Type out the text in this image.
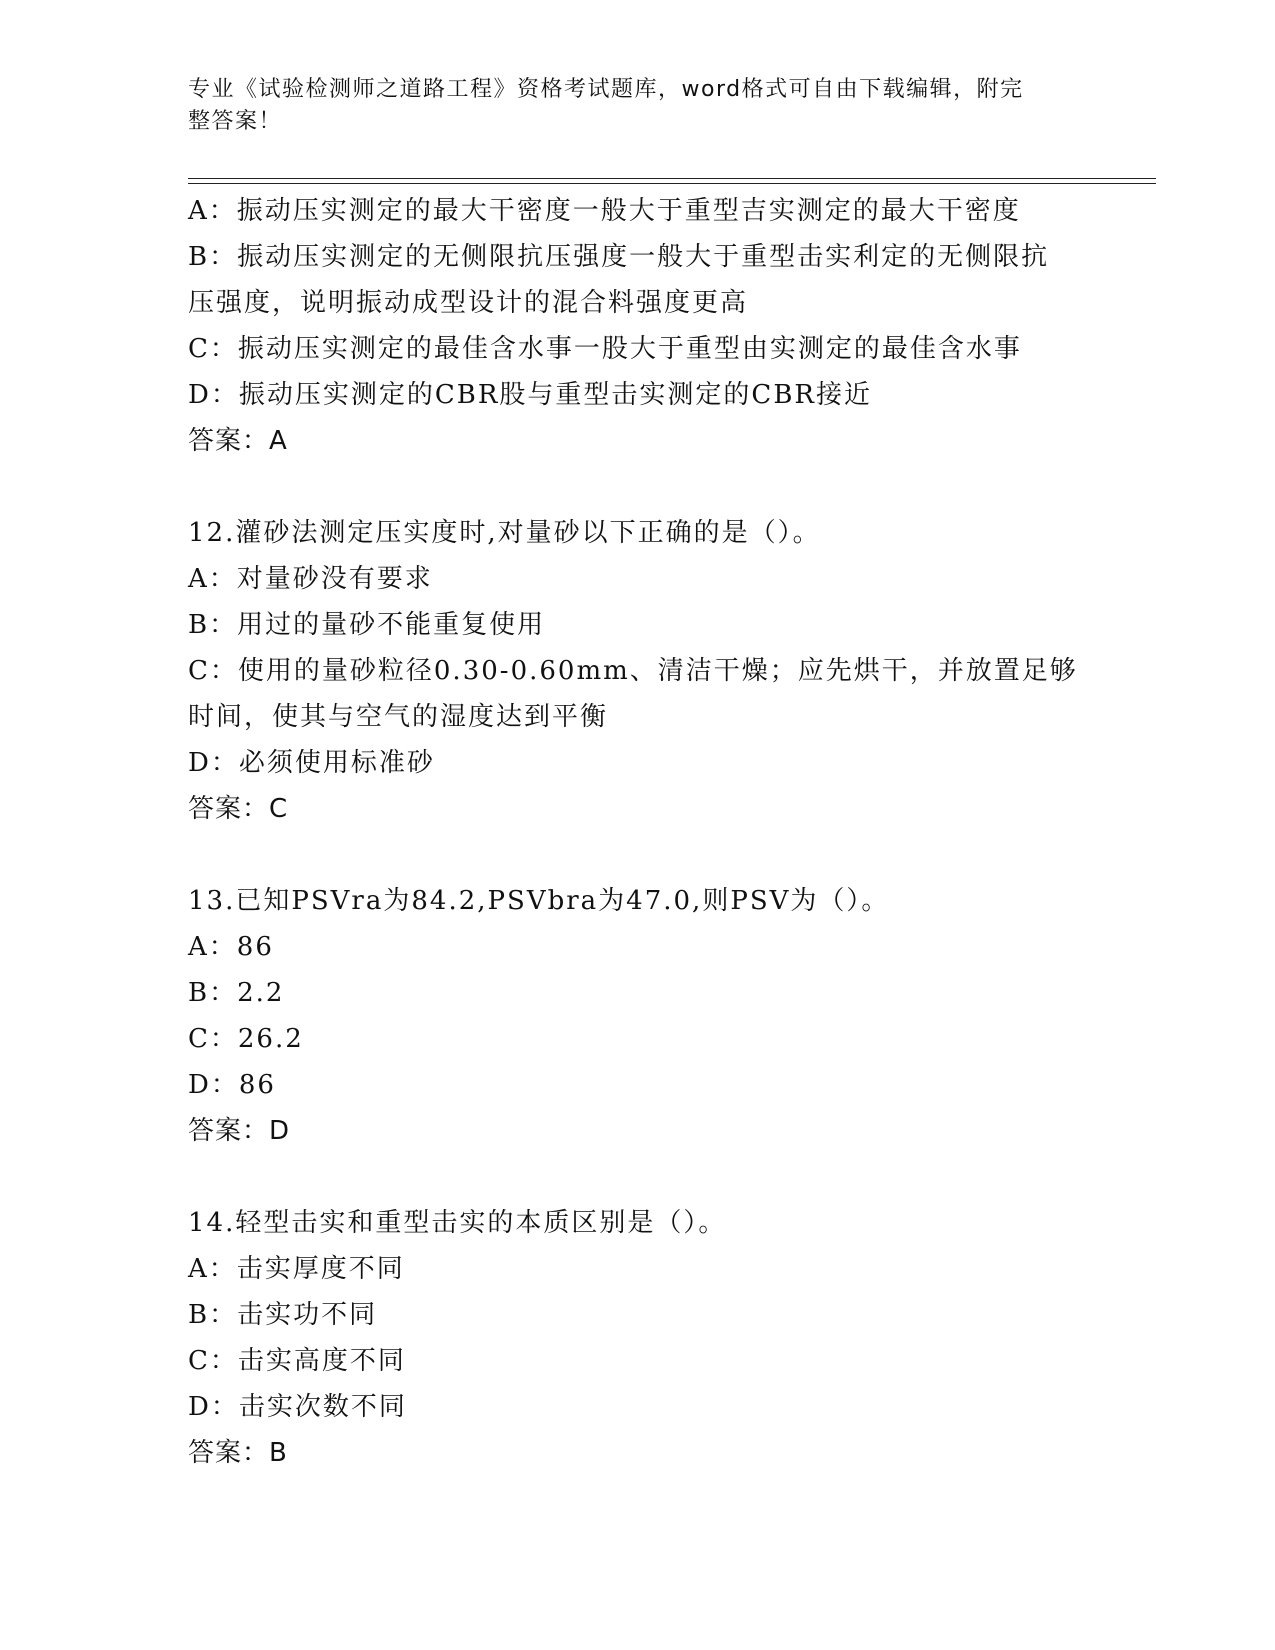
专业《试验检测师之道路工程》资格考试题库，word格式可自由下载编辑，附完
整答案！
A：振动压实测定的最大干密度一般大于重型吉实测定的最大干密度
B：振动压实测定的无侧限抗压强度一般大于重型击实利定的无侧限抗
压强度，说明振动成型设计的混合料强度更高
C：振动压实测定的最佳含水事一股大于重型由实测定的最佳含水事
D：振动压实测定的CBR股与重型击实测定的CBR接近
答案：A
12.灌砂法测定压实度时,对量砂以下正确的是（）。
A：对量砂没有要求
B：用过的量砂不能重复使用
C：使用的量砂粒径0.30-0.60mm、清洁干燥；应先烘干，并放置足够
时间，使其与空气的湿度达到平衡
D：必须使用标准砂
答案：C
13.已知PSVra为84.2,PSVbra为47.0,则PSV为（）。
A：86
B：2.2
C：26.2
D：86
答案：D
14.轻型击实和重型击实的本质区别是（）。
A：击实厚度不同
B：击实功不同
C：击实高度不同
D：击实次数不同
答案：B
